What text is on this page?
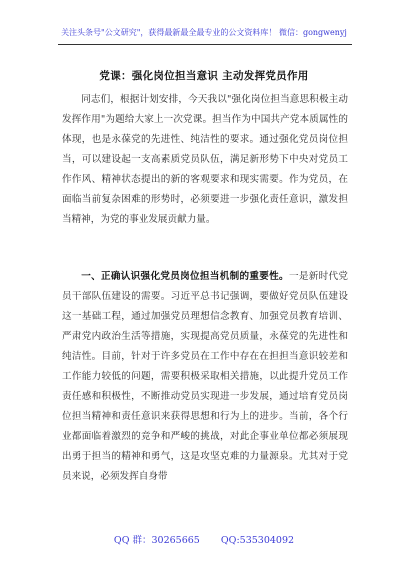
关注头条号"公文研究"，获得最新最全最专业的公文资料库！ 微信：gongwenyj
党课：强化岗位担当意识 主动发挥党员作用

同志们，根据计划安排，今天我以"强化岗位担当意思积极主动发挥作用"为题给大家上一次党课。担当作为中国共产党本质属性的体现，也是永葆党的先进性、纯洁性的要求。通过强化党员岗位担当，可以建设起一支高素质党员队伍，满足新形势下中央对党员工作作风、精神状态提出的新的客观要求和现实需要。作为党员，在面临当前复杂困难的形势时，必须要进一步强化责任意识，激发担当精神，为党的事业发展贡献力量。

一、正确认识强化党员岗位担当机制的重要性。一是新时代党员干部队伍建设的需要。习近平总书记强调，要做好党员队伍建设这一基础工程，通过加强党员理想信念教育、加强党员教育培训、严肃党内政治生活等措施，实现提高党员质量，永葆党的先进性和纯洁性。目前，针对于许多党员在工作中存在在担担当意识较差和工作能力较低的问题，需要积极采取相关措施，以此提升党员工作责任感和积极性，不断推动党员实现进一步发展，通过培育党员岗位担当精神和责任意识来获得思想和行为上的进步。当前，各个行业都面临着激烈的竞争和严峻的挑战，对此企事业单位都必须展现出勇于担当的精神和勇气，这是攻坚克难的力量源泉。尤其对于党员来说，必须发挥自身带

QQ 群：30265665 QQ:535304092
